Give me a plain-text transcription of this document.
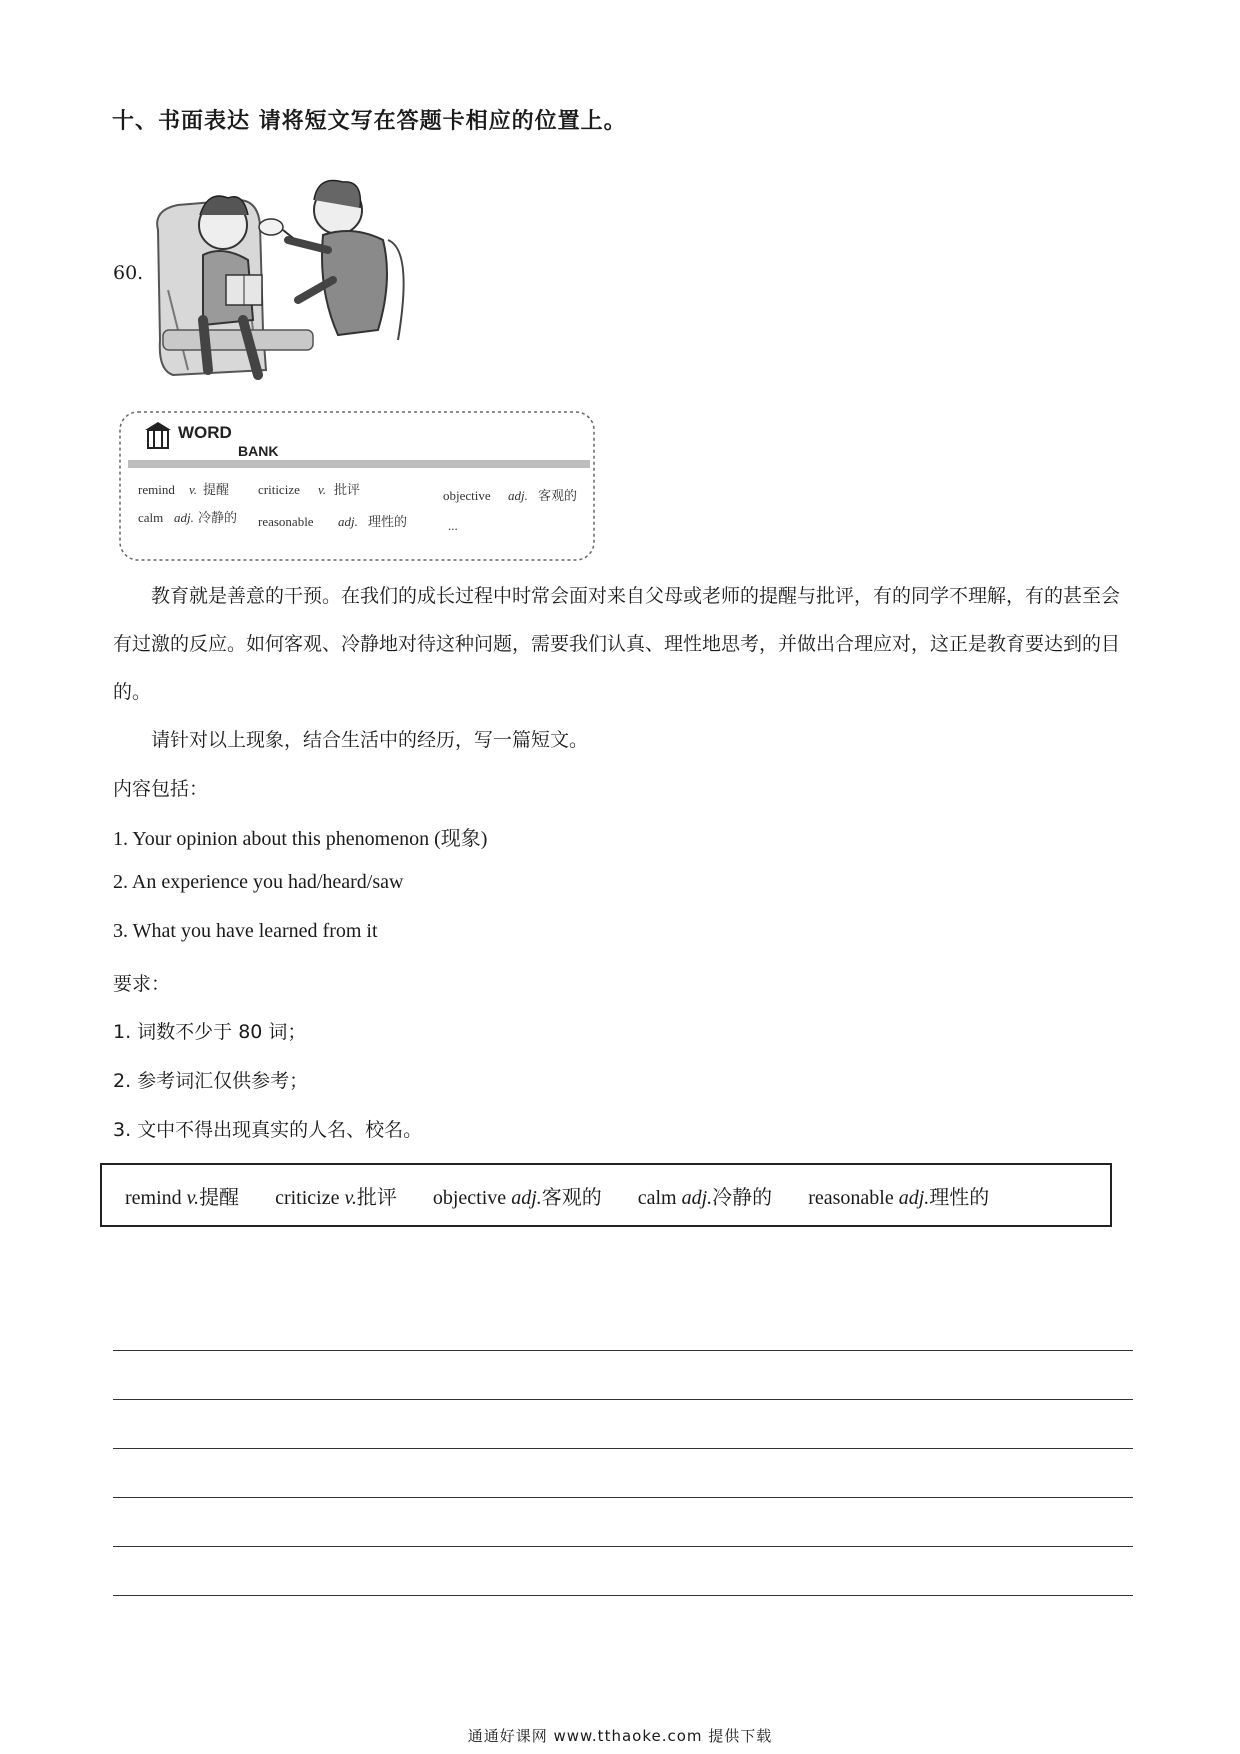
十、书面表达 请将短文写在答题卡相应的位置上。
60.
WORD
BANK
remind v. 提醒 criticize v. 批评	objective adj. 客观的
calm adj. 冷静的 reasonable adj. 理性的	...
教育就是善意的干预。在我们的成长过程中时常会面对来自父母或老师的提醒与批评，有的同学不理解，有的甚至会有过激的反应。如何客观、冷静地对待这种问题，需要我们认真、理性地思考，并做出合理应对，这正是教育要达到的目的。
请针对以上现象，结合生活中的经历，写一篇短文。
内容包括：
1. Your opinion about this phenomenon (现象)
2. An experience you had/heard/saw
3. What you have learned from it
要求：
1. 词数不少于 80 词；
2. 参考词汇仅供参考；
3. 文中不得出现真实的人名、校名。
remind v.提醒 criticize v.批评 objective adj.客观的 calm adj.冷静的 reasonable adj.理性的
通通好课网 www.tthaoke.com 提供下载
